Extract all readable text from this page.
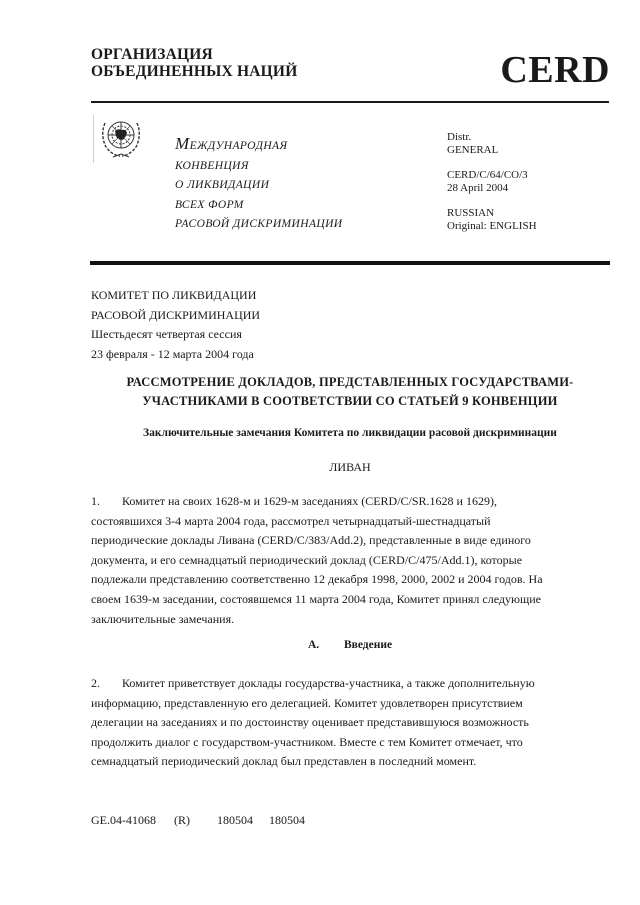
ОРГАНИЗАЦИЯ
ОБЪЕДИНЕННЫХ НАЦИЙ	CERD
МЕЖДУНАРОДНАЯ
КОНВЕНЦИЯ
О ЛИКВИДАЦИИ
ВСЕХ ФОРМ
РАСОВОЙ ДИСКРИМИНАЦИИ
Distr.
GENERAL
CERD/C/64/CO/3
28 April 2004
RUSSIAN
Original: ENGLISH
КОМИТЕТ ПО ЛИКВИДАЦИИ
РАСОВОЙ ДИСКРИМИНАЦИИ
Шестьдесят четвертая сессия
23 февраля - 12 марта 2004 года
РАССМОТРЕНИЕ ДОКЛАДОВ, ПРЕДСТАВЛЕННЫХ ГОСУДАРСТВАМИ-
УЧАСТНИКАМИ В СООТВЕТСТВИИ СО СТАТЬЕЙ 9 КОНВЕНЦИИ
Заключительные замечания Комитета по ликвидации расовой дискриминации
ЛИВАН
1. Комитет на своих 1628-м и 1629-м заседаниях (CERD/C/SR.1628 и 1629),
состоявшихся 3-4 марта 2004 года, рассмотрел четырнадцатый-шестнадцатый
периодические доклады Ливана (CERD/C/383/Add.2), представленные в виде единого
документа, и его семнадцатый периодический доклад (CERD/C/475/Add.1), которые
подлежали представлению соответственно 12 декабря 1998, 2000, 2002 и 2004 годов. На
своем 1639-м заседании, состоявшемся 11 марта 2004 года, Комитет принял следующие
заключительные замечания.
A. Введение
2. Комитет приветствует доклады государства-участника, а также дополнительную
информацию, представленную его делегацией. Комитет удовлетворен присутствием
делегации на заседаниях и по достоинству оценивает представившуюся возможность
продолжить диалог с государством-участником. Вместе с тем Комитет отмечает, что
семнадцатый периодический доклад был представлен в последний момент.
GE.04-41068 (R) 180504 180504
